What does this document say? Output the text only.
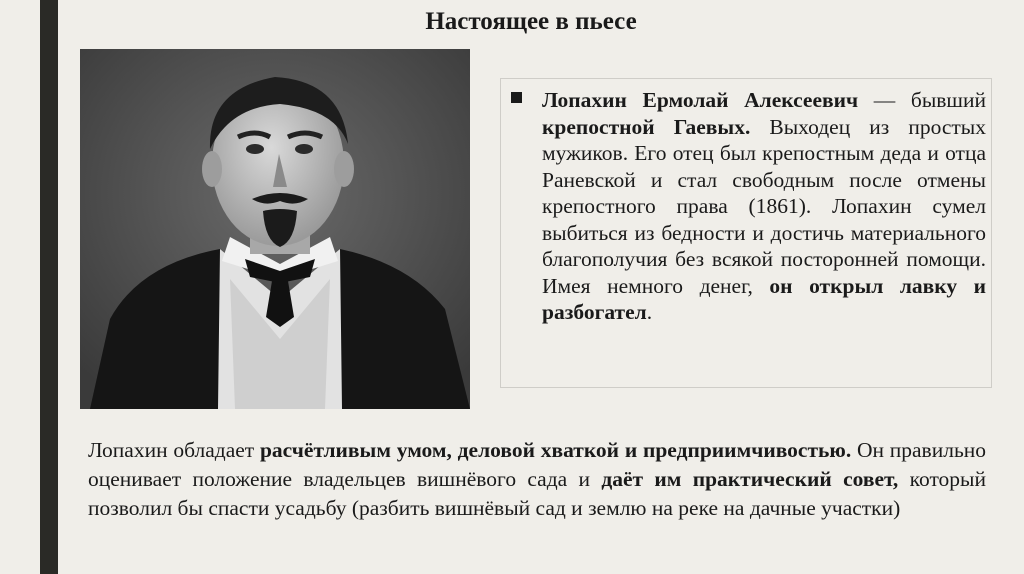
Настоящее в пьесе

Лопахин Ермолай Алексеевич — бывший крепостной Гаевых. Выходец из простых мужиков. Его отец был крепостным деда и отца Раневской и стал свободным после отмены крепостного права (1861). Лопахин сумел выбиться из бедности и достичь материального благополучия без всякой посторонней помощи. Имея немного денег, он открыл лавку и разбогател.

Лопахин обладает расчётливым умом, деловой хваткой и предприимчивостью. Он правильно оценивает положение владельцев вишнёвого сада и даёт им практический совет, который позволил бы спасти усадьбу (разбить вишнёвый сад и землю на реке на дачные участки)
